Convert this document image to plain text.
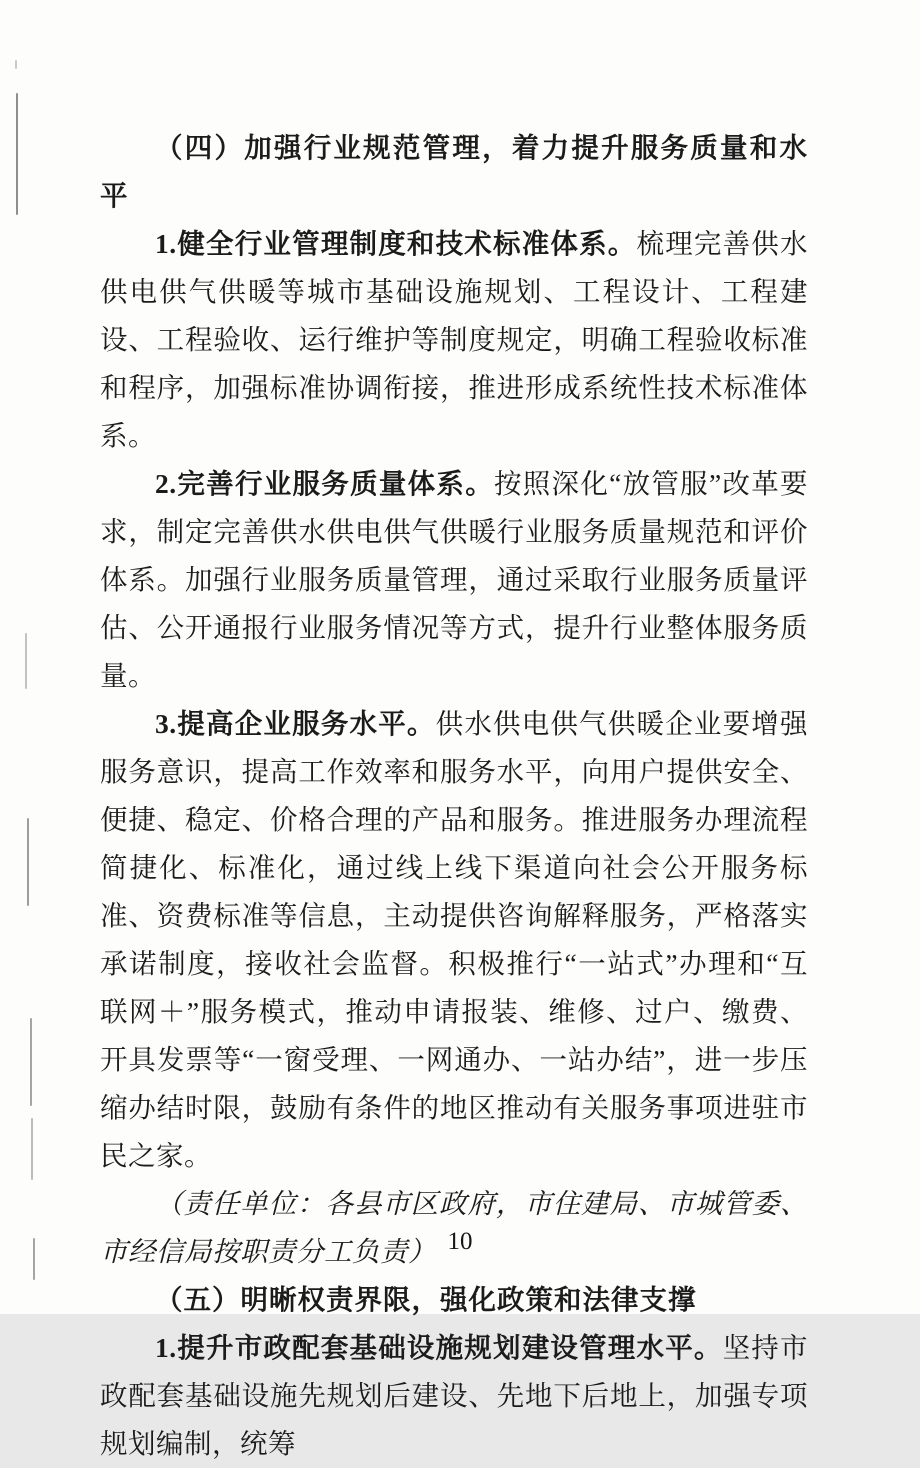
（四）加强行业规范管理，着力提升服务质量和水平

1.健全行业管理制度和技术标准体系。梳理完善供水供电供气供暖等城市基础设施规划、工程设计、工程建设、工程验收、运行维护等制度规定，明确工程验收标准和程序，加强标准协调衔接，推进形成系统性技术标准体系。

2.完善行业服务质量体系。按照深化“放管服”改革要求，制定完善供水供电供气供暖行业服务质量规范和评价体系。加强行业服务质量管理，通过采取行业服务质量评估、公开通报行业服务情况等方式，提升行业整体服务质量。

3.提高企业服务水平。供水供电供气供暖企业要增强服务意识，提高工作效率和服务水平，向用户提供安全、便捷、稳定、价格合理的产品和服务。推进服务办理流程简捷化、标准化，通过线上线下渠道向社会公开服务标准、资费标准等信息，主动提供咨询解释服务，严格落实承诺制度，接收社会监督。积极推行“一站式”办理和“互联网＋”服务模式，推动申请报装、维修、过户、缴费、开具发票等“一窗受理、一网通办、一站办结”，进一步压缩办结时限，鼓励有条件的地区推动有关服务事项进驻市民之家。

（责任单位：各县市区政府，市住建局、市城管委、市经信局按职责分工负责）

（五）明晰权责界限，强化政策和法律支撑

1.提升市政配套基础设施规划建设管理水平。坚持市政配套基础设施先规划后建设、先地下后地上，加强专项规划编制，统筹

10
